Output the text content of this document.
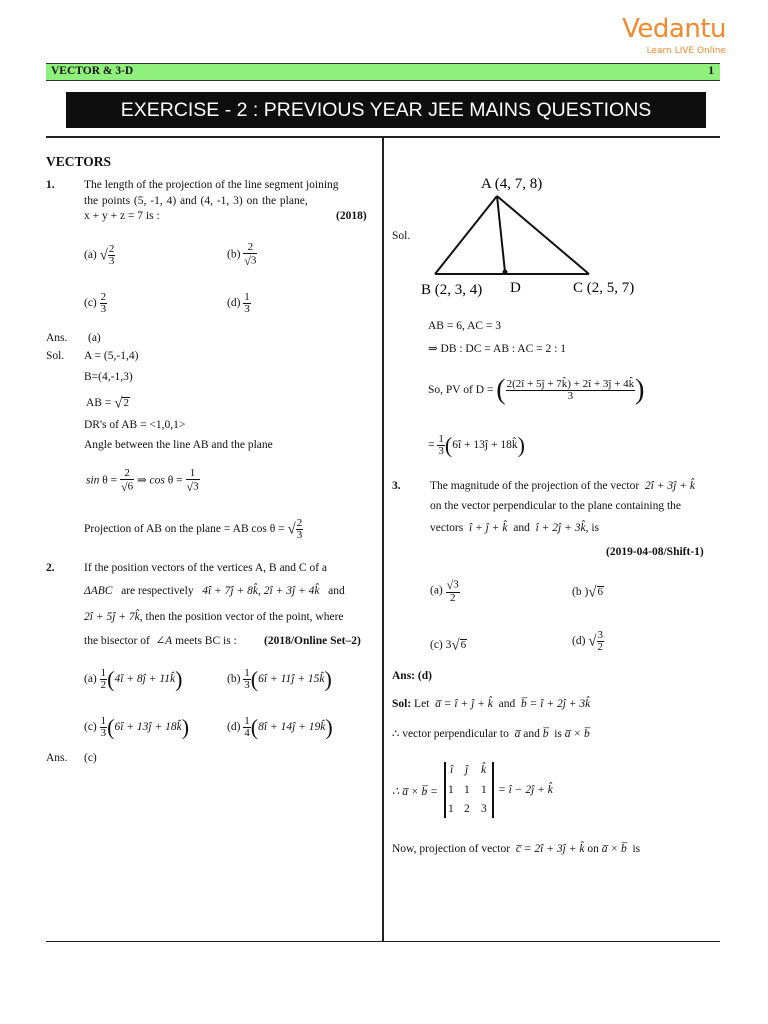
Vedantu
Learn LIVE Online
VECTOR & 3-D	1
EXERCISE - 2 : PREVIOUS YEAR JEE MAINS QUESTIONS
VECTORS
1.	The length of the projection of the line segment joining
the points (5, -1, 4) and (4, -1, 3) on the plane,
x + y + z = 7 is :	(2018)
(a) √ $\frac{2}{3}$	$(b) \frac{2}{√3}$
$(c) \frac{2}{3}$	$(d) \frac{1}{3}$
Ans. (a)
Sol. A = (5,-1,4)
B=(4,-1,3)
AB = √2
DR's of AB = <1,0,1>
Angle between the line AB and the plane
$\sin \theta = \frac{2}{√6}$ ⇒ $\cos \theta = \frac{1}{√3}$
Projection of AB on the plane = AB cos θ = √ $\frac{2}{3}$
2.	If the position vectors of the vertices A, B and C of a
ΔABC are respectively 4î + 7ĵ + 8k̂, 2î + 3ĵ + 4k̂ and
2î + 5ĵ + 7k̂, then the position vector of the point, where
the bisector of ∠A meets BC is : (2018/Online Set–2)
$(a) \frac{1}{2}$ (4î + 8ĵ + 11k̂)	$(b) \frac{1}{3}$ (6î + 11ĵ + 15k̂)
$(c) \frac{1}{3}$ (6î + 13ĵ + 18k̂)	$(d) \frac{1}{4}$ (8î + 14ĵ + 19k̂)
Ans. (c)
A (4, 7, 8)
B (2, 3, 4) D	C (2, 5, 7)
Sol.
AB = 6, AC = 3
⇒ DB : DC = AB : AC = 2 : 1
So, PV of D = ( $\frac{2(2î + 5ĵ + 7k̂) + 2î + 3ĵ + 4k̂}{3}$ )
= $\frac{1}{3}$ (6î + 13ĵ + 18k̂)
3.	The magnitude of the projection of the vector 2î + 3ĵ + k̂
on the vector perpendicular to the plane containing the
vectors î + ĵ + k̂ and î + 2ĵ + 3k̂, is
(2019-04-08/Shift-1)
$(a) \frac{√3}{2}$	(b )√6
(c) 3√6	(d) √ $\frac{3}{2}$
Ans: (d)
Sol: Let a̅ = î + ĵ + k̂ and b̅ = î + 2ĵ + 3k̂
∴ vector perpendicular to a̅ and b̅ is a̅ × b̅
∴ a̅ × b̅ =
î ĵ k̂
1 1 1
1 2 3
= î − 2ĵ + k̂
Now, projection of vector c̅ = 2î + 3ĵ + k̂ on a̅ × b̅ is
